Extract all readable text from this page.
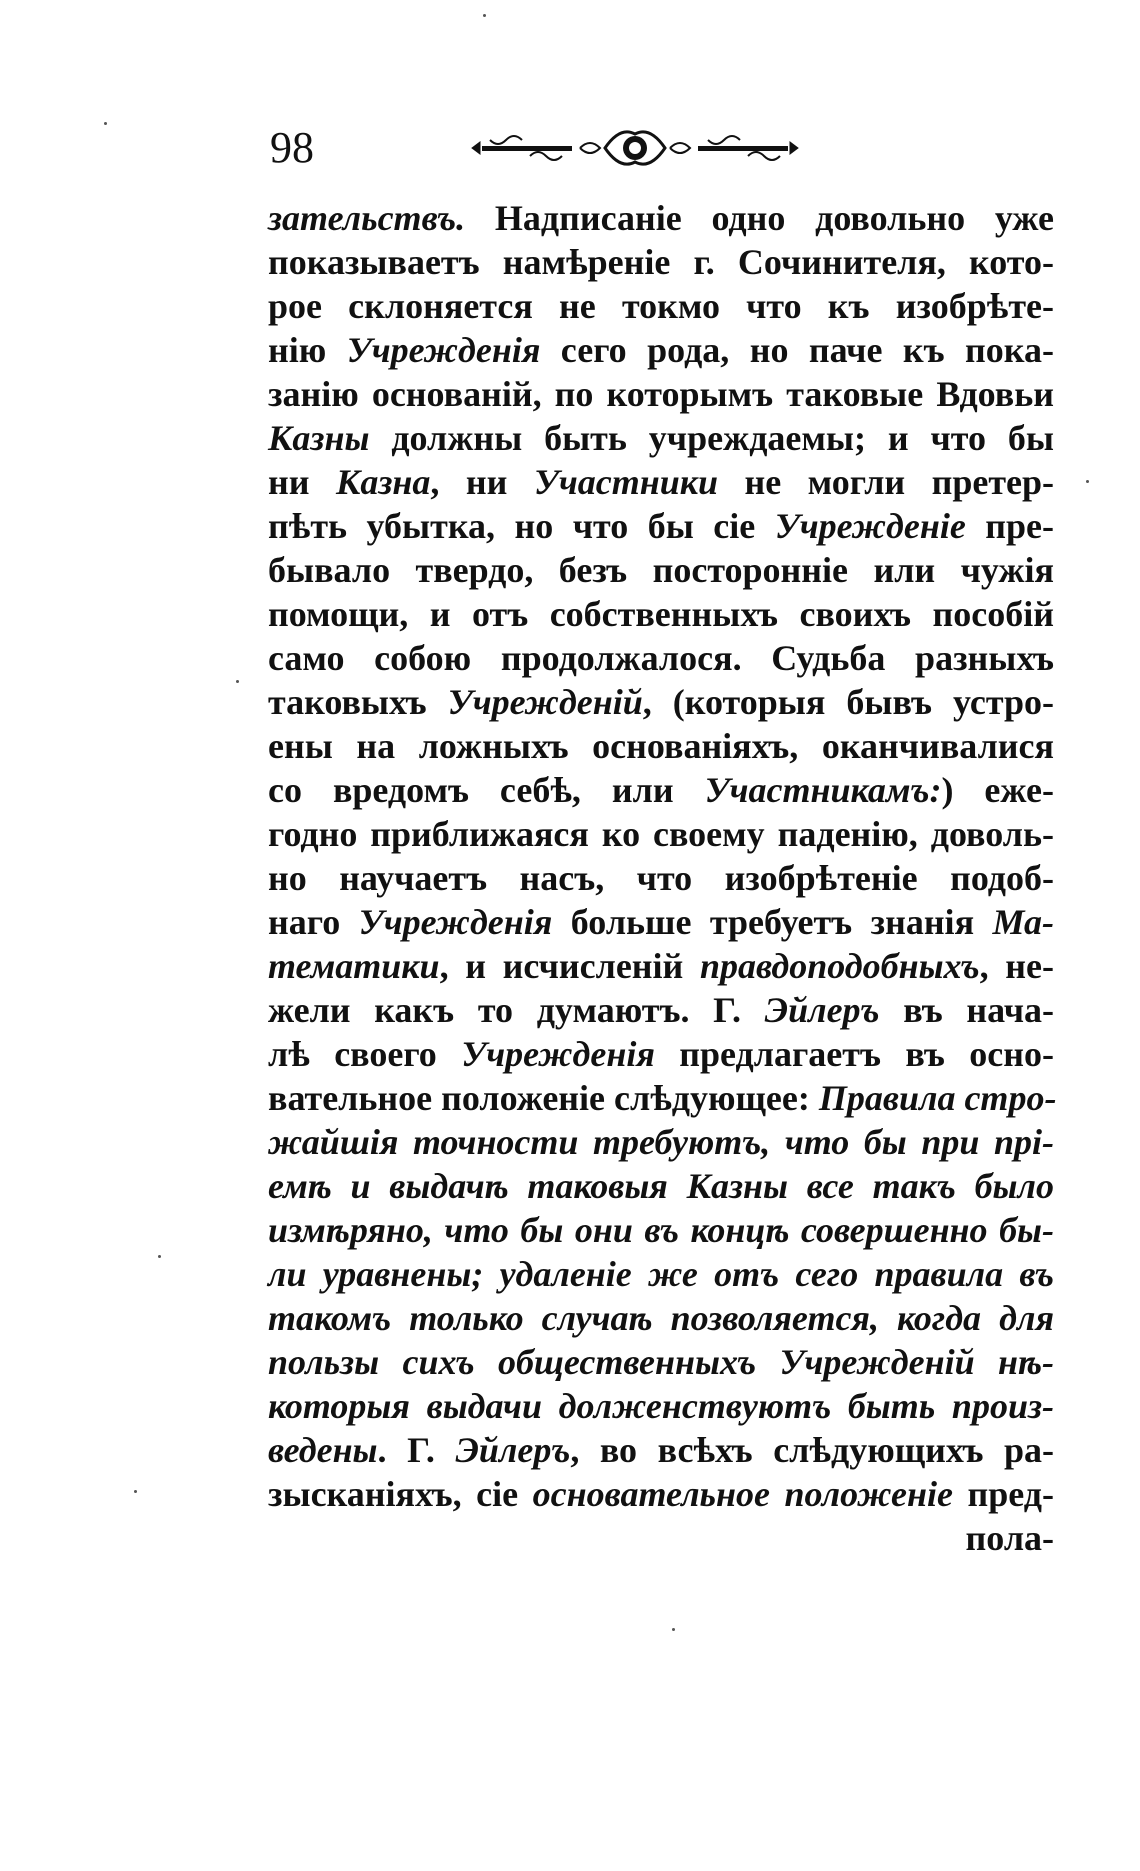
98
зательствъ. Надписаніе одно довольно уже
показываетъ намѣреніе г. Сочинителя, кото-
рое склоняется не токмо что къ изобрѣте-
нію Учрежденія сего рода, но паче къ пока-
занію основаній, по которымъ таковые Вдовьи
Казны должны быть учреждаемы; и что бы
ни Казна, ни Участники не могли претер-
пѣть убытка, но что бы сіе Учрежденіе пре-
бывало твердо, безъ посторонніе или чужія
помощи, и отъ собственныхъ своихъ пособій
само собою продолжалося. Судьба разныхъ
таковыхъ Учрежденій, (которыя бывъ устро-
ены на ложныхъ основаніяхъ, оканчивалися
со вредомъ себѣ, или Участникамъ:) еже-
годно приближаяся ко своему паденію, доволь-
но научаетъ насъ, что изобрѣтеніе подоб-
наго Учрежденія больше требуетъ знанія Ма-
тематики, и исчисленій правдоподобныхъ, не-
жели какъ то думаютъ. Г. Эйлеръ въ нача-
лѣ своего Учрежденія предлагаетъ въ осно-
вательное положеніе слѣдующее: Правила стро-
жайшія точности требуютъ, что бы при прі-
емѣ и выдачѣ таковыя Казны все такъ было
измѣряно, что бы они въ концѣ совершенно бы-
ли уравнены; удаленіе же отъ сего правила въ
такомъ только случаѣ позволяется, когда для
пользы сихъ общественныхъ Учрежденій нѣ-
которыя выдачи долженствуютъ быть произ-
ведены. Г. Эйлеръ, во всѣхъ слѣдующихъ ра-
зысканіяхъ, сіе основательное положеніе пред-
пола-
